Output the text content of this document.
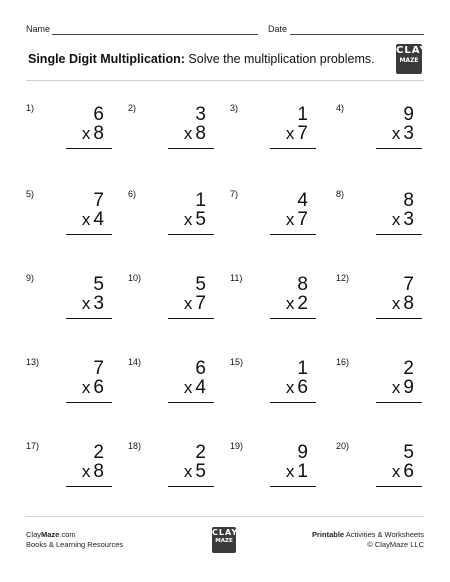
Name	Date
Single Digit Multiplication: Solve the multiplication problems.
CLAY
MAZE
1)	6
x 8
2)	3
x 8
3)	1
x 7
4)	9
x 3
5)	7
x 4
6)	1
x 5
7)	4
x 7
8)	8
x 3
9)	5
x 3
10)	5
x 7
11)	8
x 2
12)	7
x 8
13)	7
x 6
14)	6
x 4
15)	1
x 6
16)	2
x 9
17)	2
x 8
18)	2
x 5
19)	9
x 1
20)	5
x 6
ClayMaze.com
Books & Learning Resources
CLAY
MAZE
Printable Activities & Worksheets
© ClayMaze LLC
